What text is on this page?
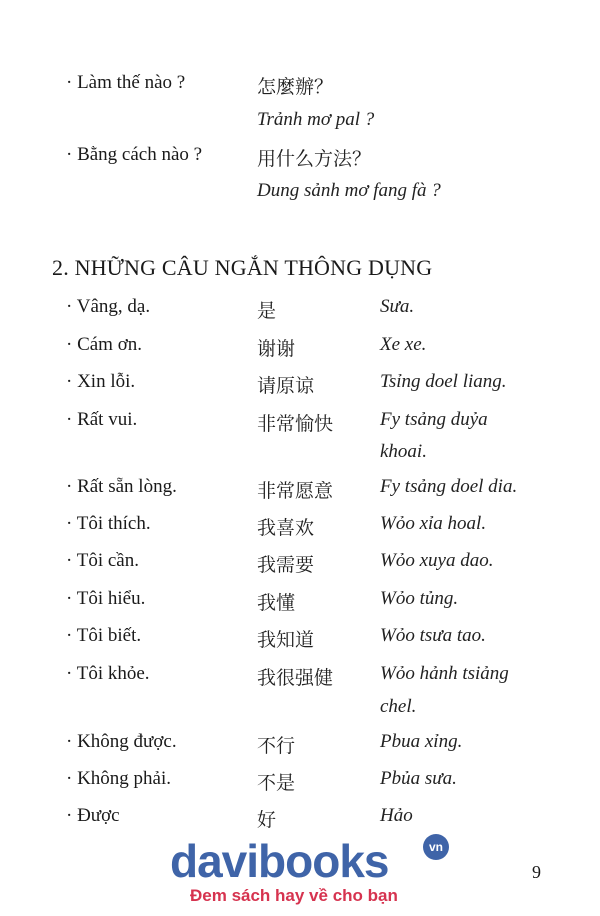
· Làm thế nào ?	怎麼辦？
Trảnh mơ pal ?
· Bằng cách nào ?	用什么方法？
Dung sảnh mơ fang fà ?
2. NHỮNG CÂU NGẮN THÔNG DỤNG
· Vâng, dạ.	是	Sưa.
· Cám ơn.	谢谢	Xe xe.
· Xin lỗi.	请原谅	Tsỉng doel liang.
· Rất vui.	非常愉快 Fy tsảng duỷa
khoai.
· Rất sẵn lòng.	非常愿意 Fy tsảng doel dia.
· Tôi thích.	我喜欢	Wỏo xỉa hoal.
· Tôi cần.	我需要	Wỏo xuya dao.
· Tôi hiểu.	我懂	Wỏo tủng.
· Tôi biết.	我知道	Wỏo tsưa tao.
· Tôi khỏe.	我很强健 Wỏo hảnh tsiảng
chel.
· Không được.	不行	Pbua xỉng.
· Không phải.	不是	Pbủa sưa.
· Được	好	Hảo
davibooks	vn
Đem sách hay về cho bạn
9
